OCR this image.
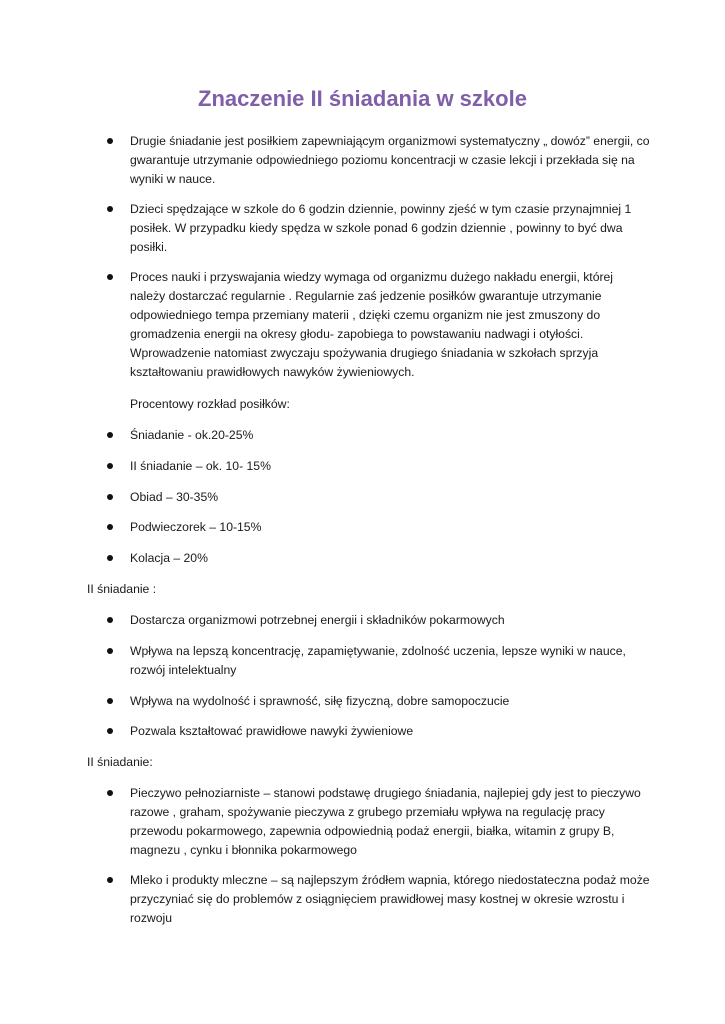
Znaczenie II śniadania w szkole
Drugie śniadanie jest posiłkiem zapewniającym organizmowi systematyczny „ dowóz” energii, co gwarantuje utrzymanie odpowiedniego poziomu koncentracji w czasie lekcji i przekłada się na wyniki w nauce.
Dzieci spędzające w szkole do 6 godzin dziennie, powinny zjeść w tym czasie przynajmniej 1 posiłek. W przypadku kiedy spędza w szkole ponad 6 godzin dziennie , powinny to być dwa posiłki.
Proces nauki i przyswajania wiedzy wymaga od organizmu dużego nakładu energii, której należy dostarczać regularnie . Regularnie zaś jedzenie posiłków gwarantuje utrzymanie odpowiedniego tempa przemiany materii , dzięki czemu organizm nie jest zmuszony do gromadzenia energii na okresy głodu- zapobiega to powstawaniu nadwagi i otyłości. Wprowadzenie natomiast zwyczaju spożywania drugiego śniadania w szkołach sprzyja kształtowaniu prawidłowych nawyków żywieniowych.
Procentowy rozkład posiłków:
Śniadanie - ok.20-25%
II śniadanie – ok. 10- 15%
Obiad – 30-35%
Podwieczorek – 10-15%
Kolacja – 20%
II śniadanie :
Dostarcza organizmowi potrzebnej energii i składników pokarmowych
Wpływa na lepszą koncentrację, zapamiętywanie, zdolność uczenia, lepsze wyniki w nauce, rozwój intelektualny
Wpływa na wydolność i sprawność, siłę fizyczną, dobre samopoczucie
Pozwala kształtować prawidłowe nawyki żywieniowe
II śniadanie:
Pieczywo pełnoziarniste – stanowi podstawę drugiego śniadania, najlepiej gdy jest to pieczywo razowe , graham, spożywanie pieczywa z grubego przemiału wpływa na regulację pracy przewodu pokarmowego, zapewnia odpowiednią podaż energii, białka, witamin z grupy B, magnezu , cynku i błonnika pokarmowego
Mleko i produkty mleczne – są najlepszym źródłem wapnia, którego niedostateczna podaż może przyczyniać się do problemów z osiągnięciem prawidłowej masy kostnej w okresie wzrostu i rozwoju
